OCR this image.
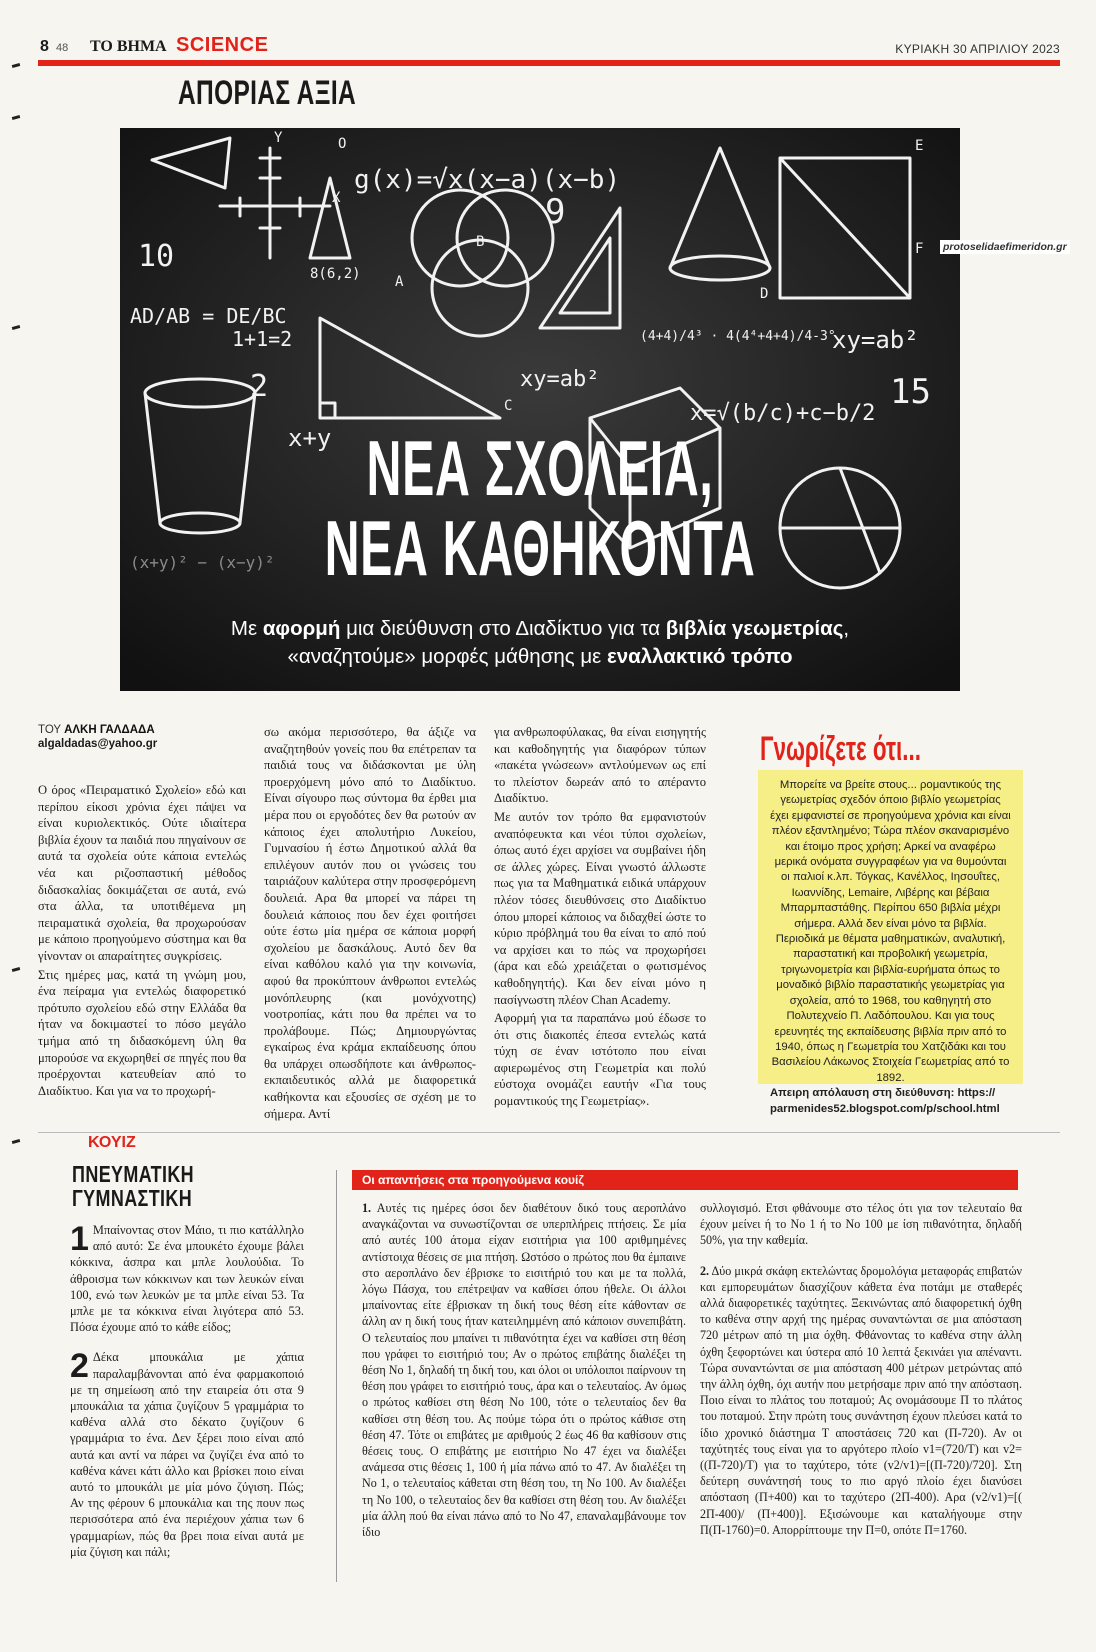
8 48 ΤΟ ΒΗΜΑ SCIENCE	ΚΥΡΙΑΚΗ 30 ΑΠΡΙΛΙΟΥ 2023
ΑΠΟΡΙΑΣ ΑΞΙΑ
g(x)=√x(x−a)(x−b)
10
9
2	15
AD/AB = DE/BC
1+1=2
8(6,2)
xy=ab²
xy=ab²
x=√(b/c)+c−b/2
x+y
(4+4)/4³ · 4(4⁴+4+4)/4-3°
(x+y)² − (x−y)²
A
B
C
D
E
F
O
Y
X
ΝΕΑ ΣΧΟΛΕΙΑ,
ΝΕΑ ΚΑΘΗΚΟΝΤΑ
Με αφορμή μια διεύθυνση στο Διαδίκτυο για τα βιβλία γεωμετρίας,
«αναζητούμε» μορφές μάθησης με εναλλακτικό τρόπο
protoselidaefimeridon.gr
ΤΟΥ ΑΛΚΗ ΓΑΛΔΑΔΑ
algaldadas@yahoo.gr

Ο όρος «Πειραματικό Σχολείο» εδώ και περίπου είκοσι χρόνια έχει πάψει να είναι κυριολεκτικός. Ούτε ιδιαίτερα βιβλία έχουν τα παιδιά που πηγαίνουν σε αυτά τα σχολεία ούτε κάποια εντελώς νέα και ριζοσπαστική μέθοδος διδασκαλίας δοκιμάζεται σε αυτά, ενώ στα άλλα, τα υποτιθέμενα μη πειραματικά σχολεία, θα προχωρούσαν με κάποιο προηγούμενο σύστημα και θα γίνονταν οι απαραίτητες συγκρίσεις.

Στις ημέρες μας, κατά τη γνώμη μου, ένα πείραμα για εντελώς διαφορετικό πρότυπο σχολείου εδώ στην Ελλάδα θα ήταν να δοκιμαστεί το πόσο μεγάλο τμήμα από τη διδασκόμενη ύλη θα μπορούσε να εκχωρηθεί σε πηγές που θα προέρχονται κατευθείαν από το Διαδίκτυο. Και για να το προχωρή-

σω ακόμα περισσότερο, θα άξιζε να αναζητηθούν γονείς που θα επέτρεπαν τα παιδιά τους να διδάσκονται με ύλη προερχόμενη μόνο από το Διαδίκτυο. Είναι σίγουρο πως σύντομα θα έρθει μια μέρα που οι εργοδότες δεν θα ρωτούν αν κάποιος έχει απολυτήριο Λυκείου, Γυμνασίου ή έστω Δημοτικού αλλά θα επιλέγουν αυτόν που οι γνώσεις του ταιριάζουν καλύτερα στην προσφερόμενη δουλειά. Αρα θα μπορεί να πάρει τη δουλειά κάποιος που δεν έχει φοιτήσει ούτε έστω μία ημέρα σε κάποια μορφή σχολείου με δασκάλους. Αυτό δεν θα είναι καθόλου καλό για την κοινωνία, αφού θα προκύπτουν άνθρωποι εντελώς μονόπλευρης (και μονόχνοτης) νοοτροπίας, κάτι που θα πρέπει να το προλάβουμε. Πώς; Δημιουργώντας εγκαίρως ένα κράμα εκπαίδευσης όπου θα υπάρχει οπωσδήποτε και άνθρωπος-εκπαιδευτικός αλλά με διαφορετικά καθήκοντα και εξουσίες σε σχέση με το σήμερα. Αντί

για ανθρωποφύλακας, θα είναι εισηγητής και καθοδηγητής για διαφόρων τύπων «πακέτα γνώσεων» αντλούμενων ως επί το πλείστον δωρεάν από το απέραντο Διαδίκτυο.

Με αυτόν τον τρόπο θα εμφανιστούν αναπόφευκτα και νέοι τύποι σχολείων, όπως αυτό έχει αρχίσει να συμβαίνει ήδη σε άλλες χώρες. Είναι γνωστό άλλωστε πως για τα Μαθηματικά ειδικά υπάρχουν πλέον τόσες διευθύνσεις στο Διαδίκτυο όπου μπορεί κάποιος να διδαχθεί ώστε το κύριο πρόβλημά του θα είναι το από πού να αρχίσει και το πώς να προχωρήσει (άρα και εδώ χρειάζεται ο φωτισμένος καθοδηγητής). Και δεν είναι μόνο η πασίγνωστη πλέον Chan Academy.

Αφορμή για τα παραπάνω μού έδωσε το ότι στις διακοπές έπεσα εντελώς κατά τύχη σε έναν ιστότοπο που είναι αφιερωμένος στη Γεωμετρία και πολύ εύστοχα ονομάζει εαυτήν «Για τους ρομαντικούς της Γεωμετρίας».

Γνωρίζετε ότι...
Μπορείτε να βρείτε στους... ρομαντικούς της γεωμετρίας σχεδόν όποιο βιβλίο γεωμετρίας έχει εμφανιστεί σε προηγούμενα χρόνια και είναι πλέον εξαντλημένο; Τώρα πλέον σκαναρισμένο και έτοιμο προς χρήση; Αρκεί να αναφέρω μερικά ονόματα συγγραφέων για να θυμούνται οι παλιοί κ.λπ. Τόγκας, Κανέλλος, Ιησουΐτες, Ιωαννίδης, Lemaire, Λιβέρης και βέβαια Μπαρμπαστάθης. Περίπου 650 βιβλία μέχρι σήμερα. Αλλά δεν είναι μόνο τα βιβλία. Περιοδικά με θέματα μαθηματικών, αναλυτική, παραστατική και προβολική γεωμετρία, τριγωνομετρία και βιβλία-ευρήματα όπως το μοναδικό βιβλίο παραστατικής γεωμετρίας για σχολεία, από το 1968, του καθηγητή στο Πολυτεχνείο Π. Λαδόπουλου. Και για τους ερευνητές της εκπαίδευσης βιβλία πριν από το 1940, όπως η Γεωμετρία του Χατζιδάκι και του Βασιλείου Λάκωνος Στοιχεία Γεωμετρίας από το 1892.
Απειρη απόλαυση στη διεύθυνση: https://
parmenides52.blogspot.com/p/school.html
ΚΟΥΙΖ
ΠΝΕΥΜΑΤΙΚΗ
ΓΥΜΝΑΣΤΙΚΗ
1 Μπαίνοντας στον Μάιο, τι πιο κατάλληλο από αυτό: Σε ένα μπουκέτο έχουμε βάλει κόκκινα, άσπρα και μπλε λουλούδια. Το άθροισμα των κόκκινων και των λευκών είναι 100, ενώ των λευκών με τα μπλε είναι 53. Τα μπλε με τα κόκκινα είναι λιγότερα από 53. Πόσα έχουμε από το κάθε είδος;
2 Δέκα μπουκάλια με χάπια παραλαμβάνονται από ένα φαρμακοποιό με τη σημείωση από την εταιρεία ότι στα 9 μπουκάλια τα χάπια ζυγίζουν 5 γραμμάρια το καθένα αλλά στο δέκατο ζυγίζουν 6 γραμμάρια το ένα. Δεν ξέρει ποιο είναι από αυτά και αντί να πάρει να ζυγίζει ένα από το καθένα κάνει κάτι άλλο και βρίσκει ποιο είναι αυτό το μπουκάλι με μία μόνο ζύγιση. Πώς; Αν της φέρουν 6 μπουκάλια και της πουν πως περισσότερα από ένα περιέχουν χάπια των 6 γραμμαρίων, πώς θα βρει ποια είναι αυτά με μία ζύγιση και πάλι;
Οι απαντήσεις στα προηγούμενα κουίζ

1. Αυτές τις ημέρες όσοι δεν διαθέτουν δικό τους αεροπλάνο αναγκάζονται να συνωστίζονται σε υπερπλήρεις πτήσεις. Σε μία από αυτές 100 άτομα είχαν εισιτήρια για 100 αριθμημένες αντίστοιχα θέσεις σε μια πτήση. Ωστόσο ο πρώτος που θα έμπαινε στο αεροπλάνο δεν έβρισκε το εισιτήριό του και με τα πολλά, λόγω Πάσχα, του επέτρεψαν να καθίσει όπου ήθελε. Οι άλλοι μπαίνοντας είτε έβρισκαν τη δική τους θέση είτε κάθονταν σε άλλη αν η δική τους ήταν κατειλημμένη από κάποιον συνεπιβάτη. Ο τελευταίος που μπαίνει τι πιθανότητα έχει να καθίσει στη θέση που γράφει το εισιτήριό του; Αν ο πρώτος επιβάτης διαλέξει τη θέση Νο 1, δηλαδή τη δική του, και όλοι οι υπόλοιποι παίρνουν τη θέση που γράφει το εισιτήριό τους, άρα και ο τελευταίος. Αν όμως ο πρώτος καθίσει στη θέση Νο 100, τότε ο τελευταίος δεν θα καθίσει στη θέση του. Ας πούμε τώρα ότι ο πρώτος κάθισε στη θέση 47. Τότε οι επιβάτες με αριθμούς 2 έως 46 θα καθίσουν στις θέσεις τους. Ο επιβάτης με εισιτήριο Νο 47 έχει να διαλέξει ανάμεσα στις θέσεις 1, 100 ή μία πάνω από το 47. Αν διαλέξει τη Νο 1, ο τελευταίος κάθεται στη θέση του, τη Νο 100. Αν διαλέξει τη Νο 100, ο τελευταίος δεν θα καθίσει στη θέση του. Αν διαλέξει μία άλλη πού θα είναι πάνω από το Νο 47, επαναλαμβάνουμε τον ίδιο

συλλογισμό. Ετσι φθάνουμε στο τέλος ότι για τον τελευταίο θα έχουν μείνει ή το Νο 1 ή το Νο 100 με ίση πιθανότητα, δηλαδή 50%, για την καθεμία.

2. Δύο μικρά σκάφη εκτελώντας δρομολόγια μεταφοράς επιβατών και εμπορευμάτων διασχίζουν κάθετα ένα ποτάμι με σταθερές αλλά διαφορετικές ταχύτητες. Ξεκινώντας από διαφορετική όχθη το καθένα στην αρχή της ημέρας συναντώνται σε μια απόσταση 720 μέτρων από τη μια όχθη. Φθάνοντας το καθένα στην άλλη όχθη ξεφορτώνει και ύστερα από 10 λεπτά ξεκινάει για απέναντι. Τώρα συναντώνται σε μια απόσταση 400 μέτρων μετρώντας από την άλλη όχθη, όχι αυτήν που μετρήσαμε πριν από την απόσταση. Ποιο είναι το πλάτος του ποταμού; Ας ονομάσουμε Π το πλάτος του ποταμού. Στην πρώτη τους συνάντηση έχουν πλεύσει κατά το ίδιο χρονικό διάστημα Τ αποστάσεις 720 και (Π-720). Αν οι ταχύτητές τους είναι για το αργότερο πλοίο v1=(720/T) και v2=((Π-720)/T) για το ταχύτερο, τότε (v2/v1)=[(Π-720)/720]. Στη δεύτερη συνάντησή τους το πιο αργό πλοίο έχει διανύσει απόσταση (Π+400) και το ταχύτερο (2Π-400). Αρα (v2/v1)=[( 2Π-400)/ (Π+400)]. Εξισώνουμε και καταλήγουμε στην Π(Π-1760)=0. Απορρίπτουμε την Π=0, οπότε Π=1760.
